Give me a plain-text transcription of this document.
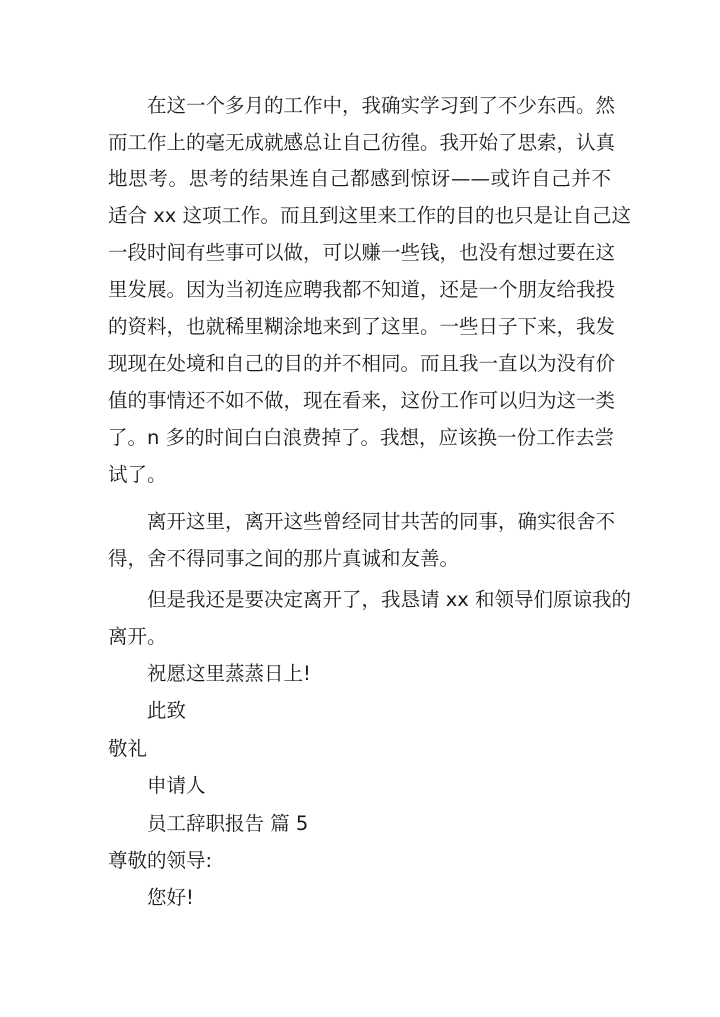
在这一个多月的工作中，我确实学习到了不少东西。然
而工作上的毫无成就感总让自己彷徨。我开始了思索，认真
地思考。思考的结果连自己都感到惊讶——或许自己并不
适合 xx 这项工作。而且到这里来工作的目的也只是让自己这
一段时间有些事可以做，可以赚一些钱，也没有想过要在这
里发展。因为当初连应聘我都不知道，还是一个朋友给我投
的资料，也就稀里糊涂地来到了这里。一些日子下来，我发
现现在处境和自己的目的并不相同。而且我一直以为没有价
值的事情还不如不做，现在看来，这份工作可以归为这一类
了。n 多的时间白白浪费掉了。我想，应该换一份工作去尝
试了。
离开这里，离开这些曾经同甘共苦的同事，确实很舍不
得，舍不得同事之间的那片真诚和友善。
但是我还是要决定离开了，我恳请 xx 和领导们原谅我的
离开。
祝愿这里蒸蒸日上!
此致
敬礼
申请人
员工辞职报告 篇 5
尊敬的领导:
您好!
